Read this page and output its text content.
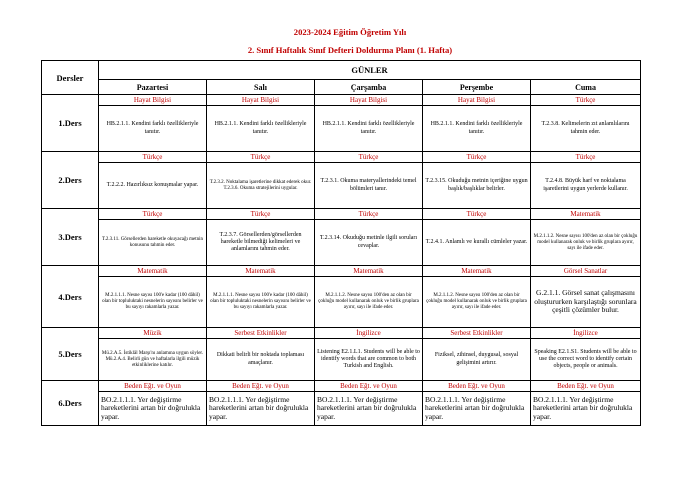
2023-2024 Eğitim Öğretim Yılı
2. Sınıf Haftalık Sınıf Defteri Doldurma Planı (1. Hafta)
Dersler	GÜNLER				
	Pazartesi	Salı	Çarşamba	Perşembe	Cuma
1.Ders	Hayat Bilgisi	Hayat Bilgisi	Hayat Bilgisi	Hayat Bilgisi	Türkçe
	HB.2.1.1. Kendini farklı özellikleriyle tanıtır.	HB.2.1.1. Kendini farklı özellikleriyle tanıtır.	HB.2.1.1. Kendini farklı özellikleriyle tanıtır.	HB.2.1.1. Kendini farklı özellikleriyle tanıtır.	T.2.3.8. Kelimelerin zıt anlamlılarını tahmin eder.
2.Ders	Türkçe	Türkçe	Türkçe	Türkçe	Türkçe
	T.2.2.2. Hazırlıksız konuşmalar yapar.	T.2.3.2. Noktalama işaretlerine dikkat ederek okur. T.2.3.6. Okuma stratejilerini uygular.	T.2.3.1. Okuma materyallerindeki temel bölümleri tanır.	T.2.3.15. Okuduğu metnin içeriğine uygun başlık/başlıklar belirler.	T.2.4.8. Büyük harf ve noktalama işaretlerini uygun yerlerde kullanır.
3.Ders	Türkçe	Türkçe	Türkçe	Türkçe	Matematik
	T.2.3.11. Görsellerden hareketle okuyacağı metnin konusunu tahmin eder.	T.2.3.7. Görsellerden/görsellerden hareketle bilmediği kelimeleri ve anlamlarını tahmin eder.	T.2.3.14. Okuduğu metinle ilgili soruları cevaplar.	T.2.4.1. Anlamlı ve kurallı cümleler yazar.	M.2.1.1.2. Nesne sayısı 100'den az olan bir çokluğu model kullanarak onluk ve birlik gruplara ayırır, sayı ile ifade eder.
4.Ders	Matematik	Matematik	Matematik	Matematik	Görsel Sanatlar
	M.2.1.1.1. Nesne sayısı 100'e kadar (100 dâhil) olan bir topluluktaki nesnelerin sayısını belirler ve bu sayıyı rakamlarla yazar.	M.2.1.1.1. Nesne sayısı 100'e kadar (100 dâhil) olan bir topluluktaki nesnelerin sayısını belirler ve bu sayıyı rakamlarla yazar.	M.2.1.1.2. Nesne sayısı 100'den az olan bir çokluğu model kullanarak onluk ve birlik gruplara ayırır, sayı ile ifade eder.	M.2.1.1.2. Nesne sayısı 100'den az olan bir çokluğu model kullanarak onluk ve birlik gruplara ayırır, sayı ile ifade eder.	G.2.1.1. Görsel sanat çalışmasını oluştururken karşılaştığı sorunlara çeşitli çözümler bulur.
5.Ders	Müzik	Serbest Etkinlikler	İngilizce	Serbest Etkinlikler	İngilizce
	Mü.2.A.5. İstiklâl Marşı'nı anlamına uygun söyler. Mü.2.A.4. Belirli gün ve haftalarla ilgili müzik etkinliklerine katılır.	Dikkati belirli bir noktada toplaması amaçlanır.	Listening E2.1.L1. Students will be able to identify words that are common to both Turkish and English.	Fiziksel, zihinsel, duygusal, sosyal gelişimini artırır.	Speaking E2.1.S1. Students will be able to use the correct word to identify certain objects, people or animals.
6.Ders	Beden Eğt. ve Oyun	Beden Eğt. ve Oyun	Beden Eğt. ve Oyun	Beden Eğt. ve Oyun	Beden Eğt. ve Oyun
	BO.2.1.1.1. Yer değiştirme hareketlerini artan bir doğrulukla yapar.	BO.2.1.1.1. Yer değiştirme hareketlerini artan bir doğrulukla yapar.	BO.2.1.1.1. Yer değiştirme hareketlerini artan bir doğrulukla yapar.	BO.2.1.1.1. Yer değiştirme hareketlerini artan bir doğrulukla yapar.	BO.2.1.1.1. Yer değiştirme hareketlerini artan bir doğrulukla yapar.
